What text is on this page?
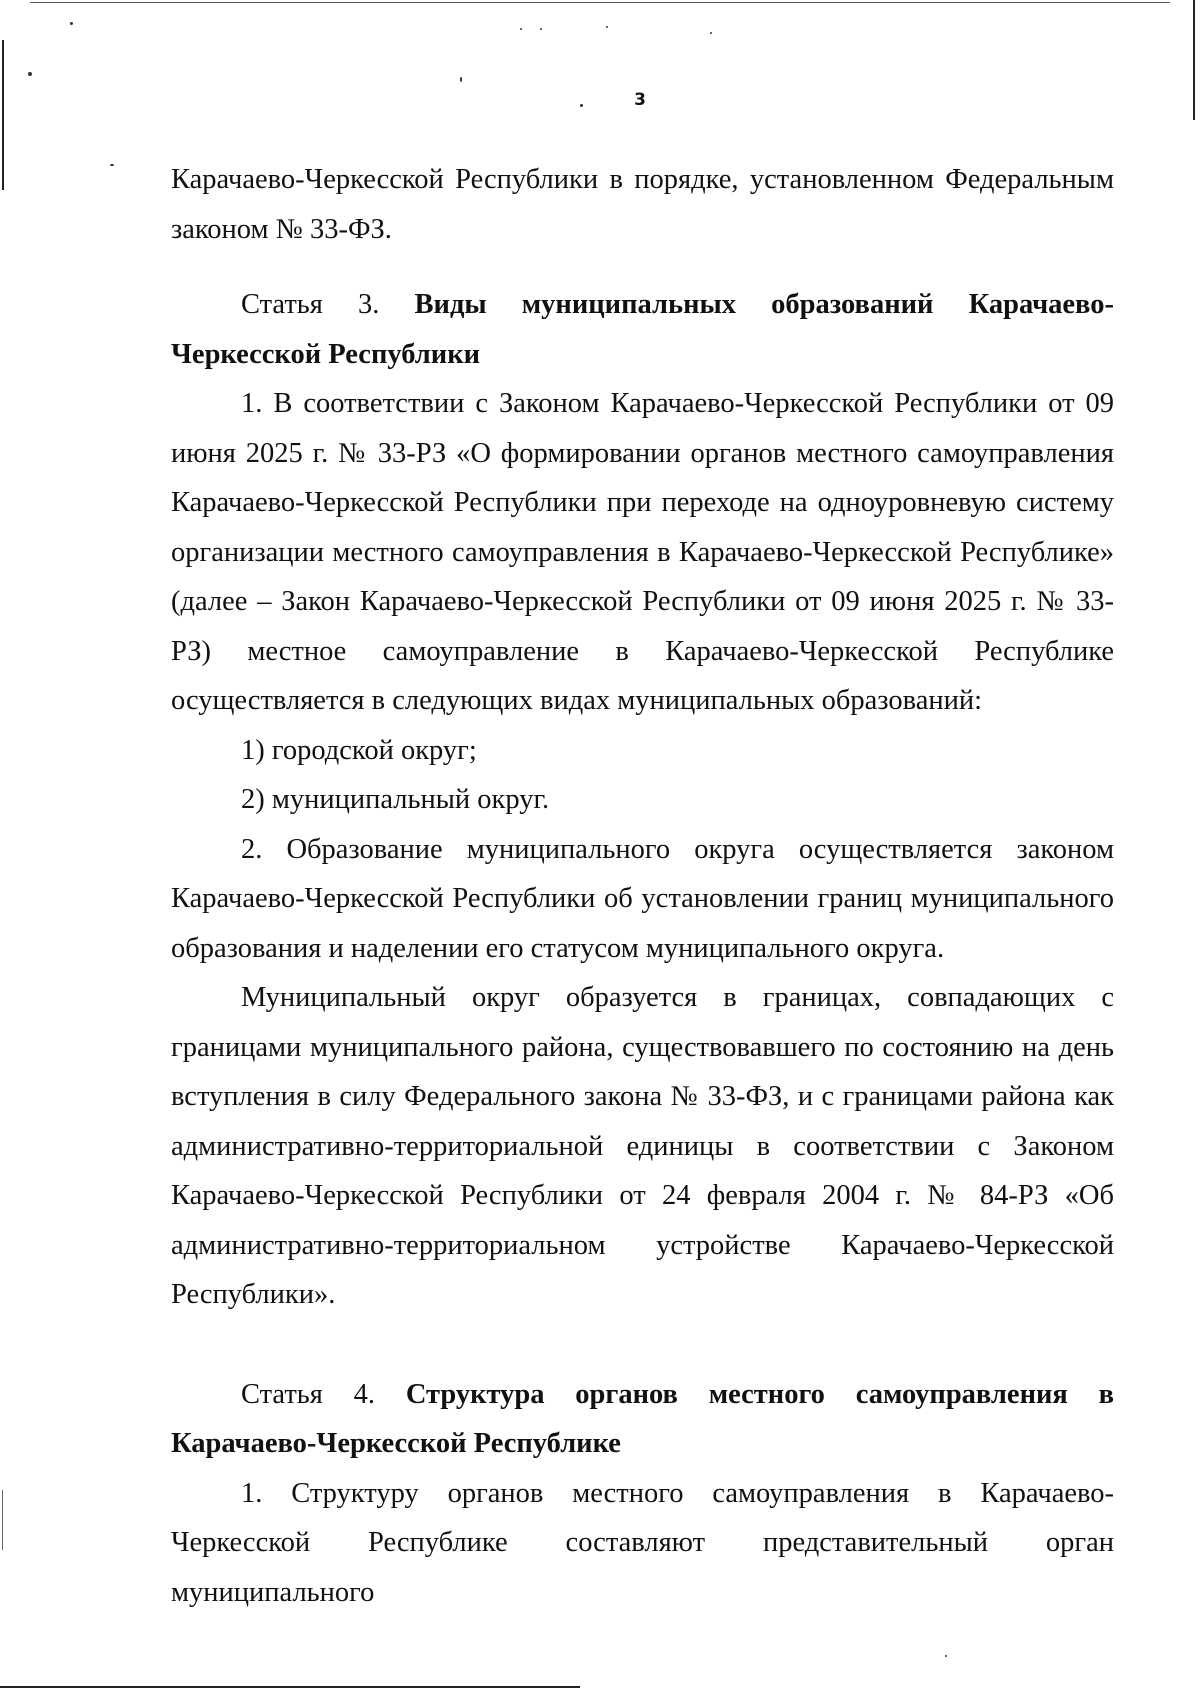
3

Карачаево-Черкесской Республики в порядке, установленном Федеральным законом № 33-ФЗ.

Статья 3. Виды муниципальных образований Карачаево-Черкесской Республики

1. В соответствии с Законом Карачаево-Черкесской Республики от 09 июня 2025 г. № 33-РЗ «О формировании органов местного самоуправления Карачаево-Черкесской Республики при переходе на одноуровневую систему организации местного самоуправления в Карачаево-Черкесской Республике» (далее – Закон Карачаево-Черкесской Республики от 09 июня 2025 г. № 33-РЗ) местное самоуправление в Карачаево-Черкесской Республике осуществляется в следующих видах муниципальных образований:

1) городской округ;

2) муниципальный округ.

2. Образование муниципального округа осуществляется законом Карачаево-Черкесской Республики об установлении границ муниципального образования и наделении его статусом муниципального округа.

Муниципальный округ образуется в границах, совпадающих с границами муниципального района, существовавшего по состоянию на день вступления в силу Федерального закона № 33-ФЗ, и с границами района как административно-территориальной единицы в соответствии с Законом Карачаево-Черкесской Республики от 24 февраля 2004 г. № 84-РЗ «Об административно-территориальном устройстве Карачаево-Черкесской Республики».

Статья 4. Структура органов местного самоуправления в Карачаево-Черкесской Республике

1. Структуру органов местного самоуправления в Карачаево-Черкесской Республике составляют представительный орган муниципального
